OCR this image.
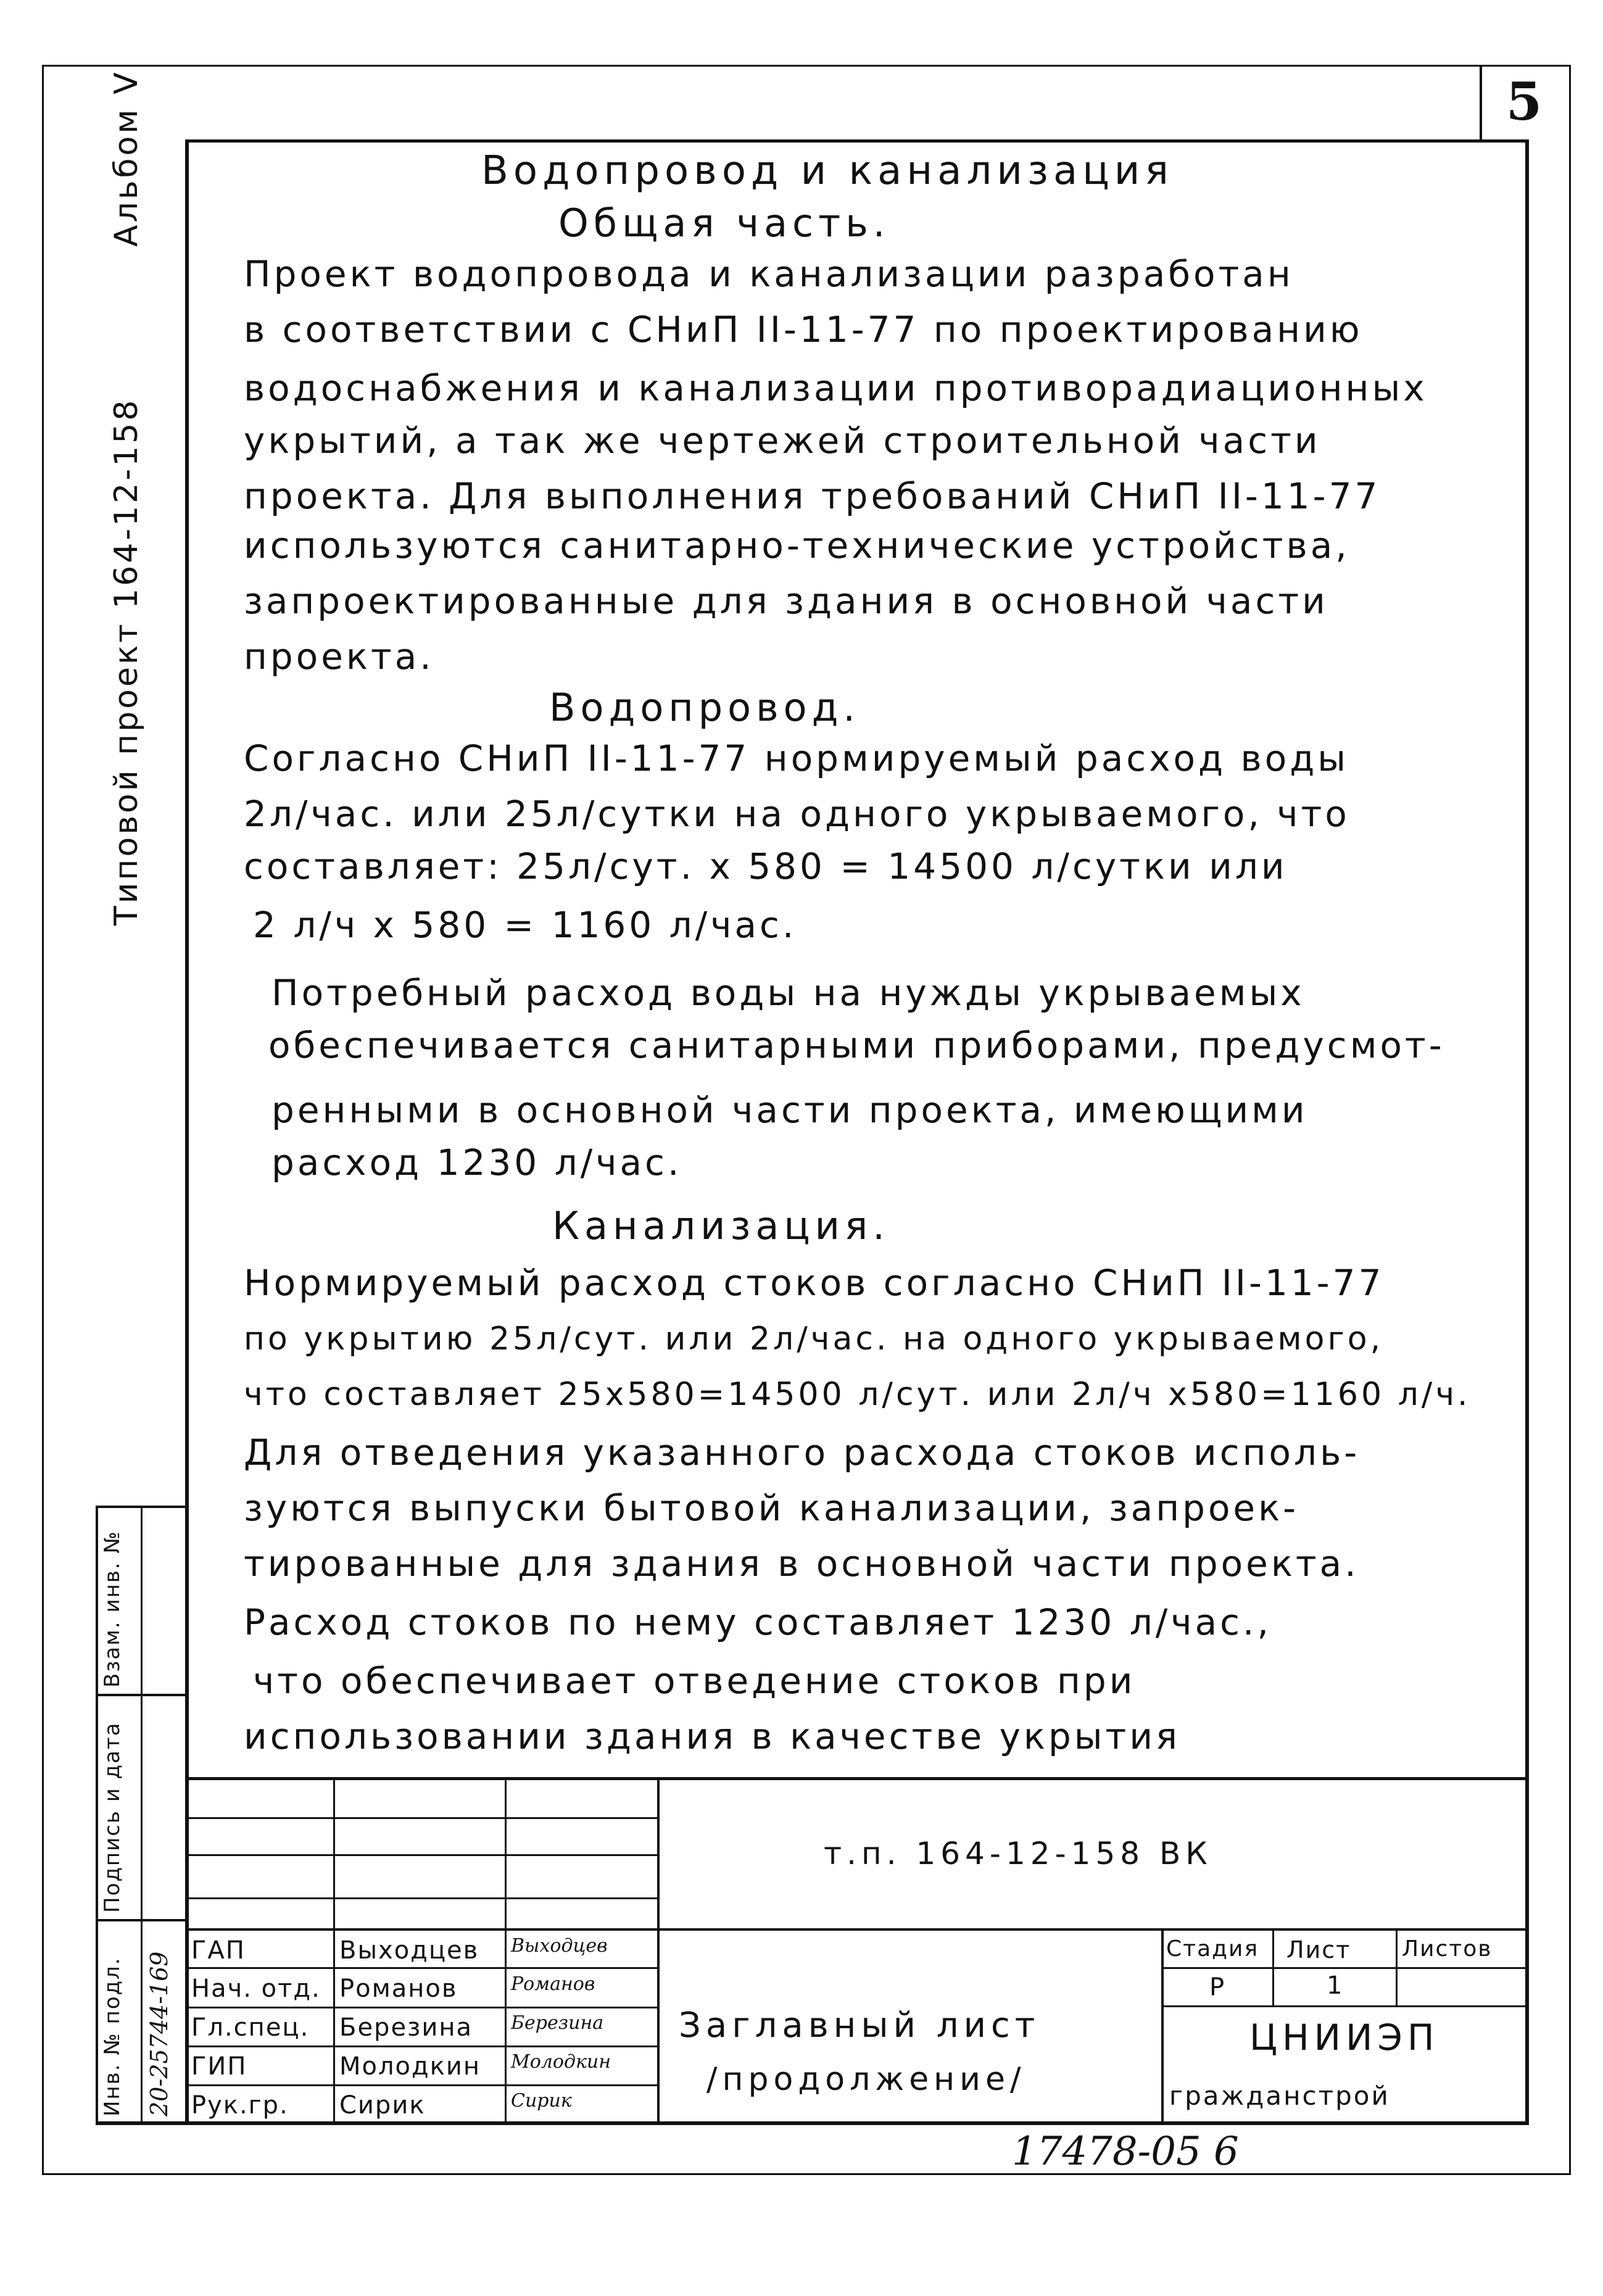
5
Альбом V
Типовой проект 164-12-158
Водопровод и канализация
Общая часть.
Проект водопровода и канализации разработан
в соответствии с СНиП II-11-77 по проектированию
водоснабжения и канализации противорадиационных
укрытий, а так же чертежей строительной части
проекта. Для выполнения требований СНиП II-11-77
используются санитарно-технические устройства,
запроектированные для здания в основной части
проекта.
Водопровод.
Согласно СНиП II-11-77 нормируемый расход воды
2л/час. или 25л/сутки на одного укрываемого, что
составляет: 25л/сут. x 580 = 14500 л/сутки или
2 л/ч x 580 = 1160 л/час.
Потребный расход воды на нужды укрываемых
обеспечивается санитарными приборами, предусмот-
ренными в основной части проекта, имеющими
расход 1230 л/час.
Канализация.
Нормируемый расход стоков согласно СНиП II-11-77
по укрытию 25л/сут. или 2л/час. на одного укрываемого,
что составляет 25x580=14500 л/сут. или 2л/ч x580=1160 л/ч.
Для отведения указанного расхода стоков исполь-
зуются выпуски бытовой канализации, запроек-
тированные для здания в основной части проекта.
Расход стоков по нему составляет 1230 л/час.,
что обеспечивает отведение стоков при
использовании здания в качестве укрытия
Взам. инв. №
Подпись и дата
Инв. № подл. 20-25744-169
т.п. 164-12-158 ВК
ГАП
Нач. отд.
Гл.спец.
ГИП
Рук.гр.
Выходцев
Романов
Березина
Молодкин
Сирик
Выходцев
Романов
Березина
Молодкин
Сирик
Заглавный лист
/продолжение/
Стадия Лист Листов
Р	1
ЦНИИЭП
гражданстрой
17478-05 6
